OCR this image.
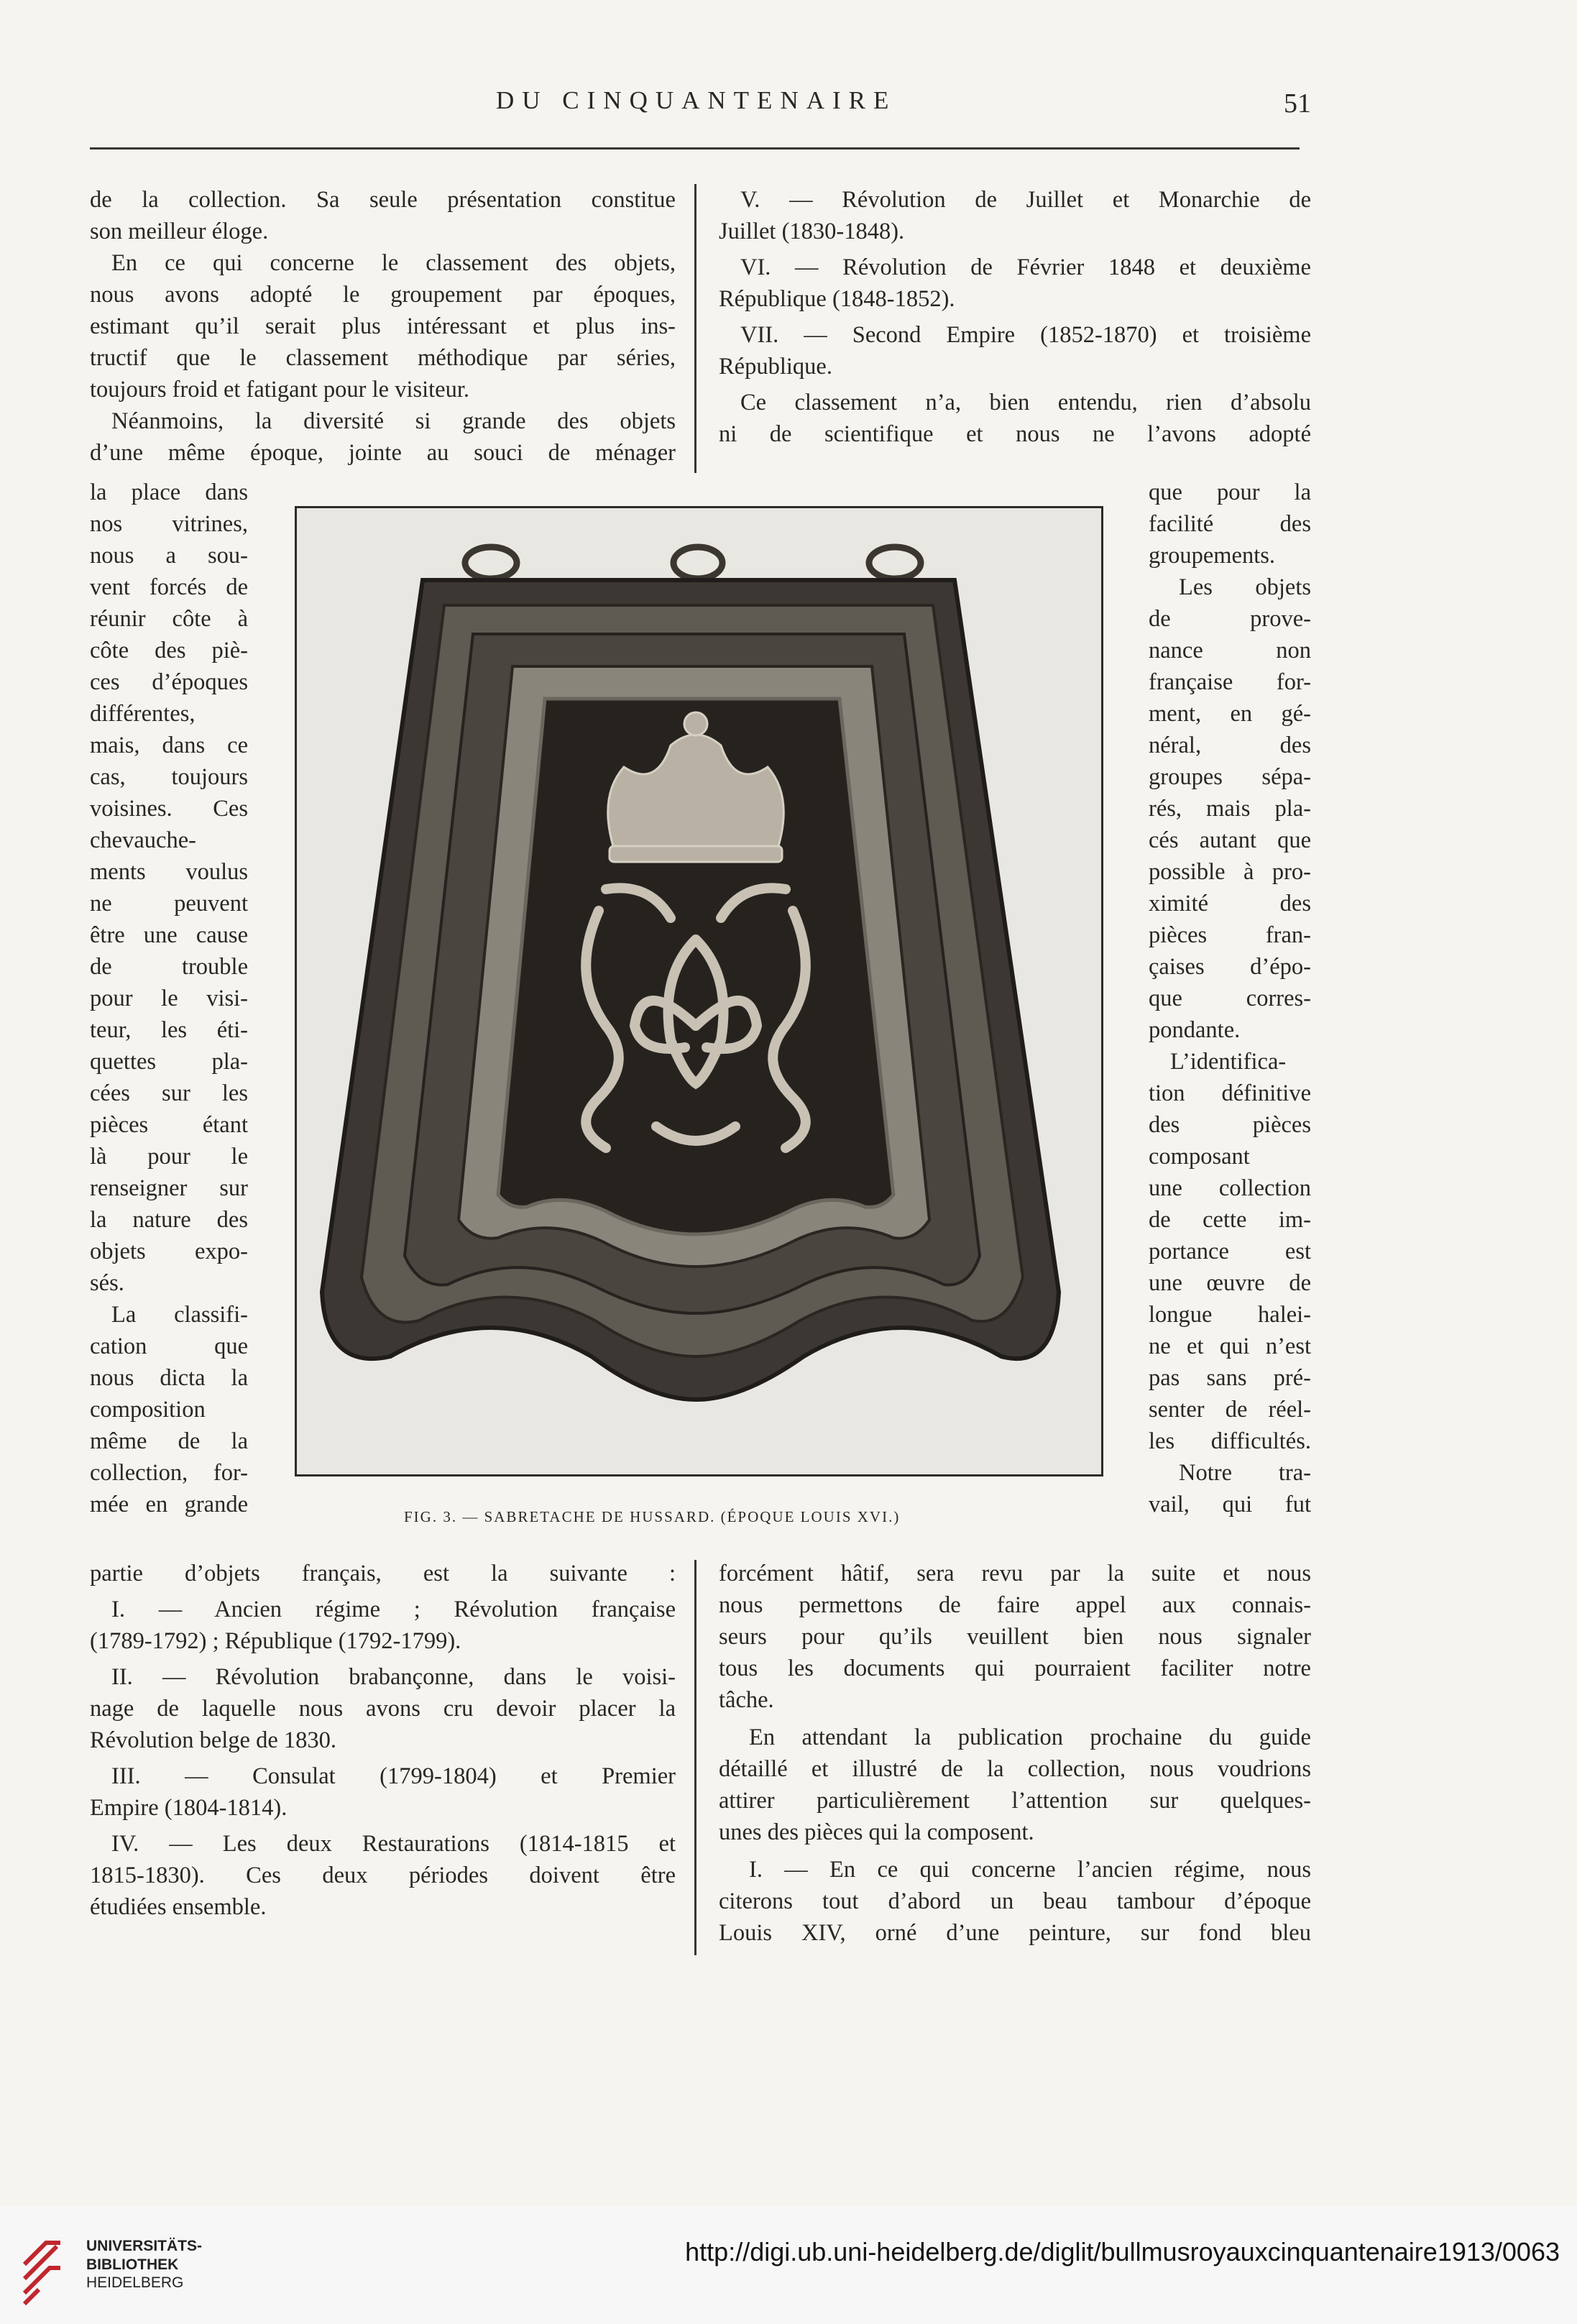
DU CINQUANTENAIRE	51
de la collection. Sa seule présentation constitue
son meilleur éloge.
En ce qui concerne le classement des objets,
nous avons adopté le groupement par époques,
estimant qu’il serait plus intéressant et plus ins-
tructif que le classement méthodique par séries,
toujours froid et fatigant pour le visiteur.
Néanmoins, la diversité si grande des objets
d’une même époque, jointe au souci de ménager
V. — Révolution de Juillet et Monarchie de
Juillet (1830-1848).
VI. — Révolution de Février 1848 et deuxième
République (1848-1852).
VII. — Second Empire (1852-1870) et troisième
République.
Ce classement n’a, bien entendu, rien d’absolu
ni de scientifique et nous ne l’avons adopté
la place dans
nos vitrines,
nous a sou-
vent forcés de
réunir côte à
côte des piè-
ces d’époques
différentes,
mais, dans ce
cas, toujours
voisines. Ces
chevauche-
ments voulus
ne peuvent
être une cause
de trouble
pour le visi-
teur, les éti-
quettes pla-
cées sur les
pièces étant
là pour le
renseigner sur
la nature des
objets expo-
sés.
La classifi-
cation que
nous dicta la
composition
même de la
collection, for-
mée en grande
que pour la
facilité des
groupements.
Les objets
de prove-
nance non
française for-
ment, en gé-
néral, des
groupes sépa-
rés, mais pla-
cés autant que
possible à pro-
ximité des
pièces fran-
çaises d’épo-
que corres-
pondante.
L’identifica-
tion définitive
des pièces
composant
une collection
de cette im-
portance est
une œuvre de
longue halei-
ne et qui n’est
pas sans pré-
senter de réel-
les difficultés.
Notre tra-
vail, qui fut
FIG. 3. — SABRETACHE DE HUSSARD. (ÉPOQUE LOUIS XVI.)
partie d’objets français, est la suivante :
I. — Ancien régime ; Révolution française
(1789-1792) ; République (1792-1799).
II. — Révolution brabançonne, dans le voisi-
nage de laquelle nous avons cru devoir placer la
Révolution belge de 1830.
III. — Consulat (1799-1804) et Premier
Empire (1804-1814).
IV. — Les deux Restaurations (1814-1815 et
1815-1830). Ces deux périodes doivent être
étudiées ensemble.
forcément hâtif, sera revu par la suite et nous
nous permettons de faire appel aux connais-
seurs pour qu’ils veuillent bien nous signaler
tous les documents qui pourraient faciliter notre
tâche.
En attendant la publication prochaine du guide
détaillé et illustré de la collection, nous voudrions
attirer particulièrement l’attention sur quelques-
unes des pièces qui la composent.
I. — En ce qui concerne l’ancien régime, nous
citerons tout d’abord un beau tambour d’époque
Louis XIV, orné d’une peinture, sur fond bleu
UNIVERSITÄTS-
BIBLIOTHEK
HEIDELBERG
http://digi.ub.uni-heidelberg.de/diglit/bullmusroyauxcinquantenaire1913/0063
